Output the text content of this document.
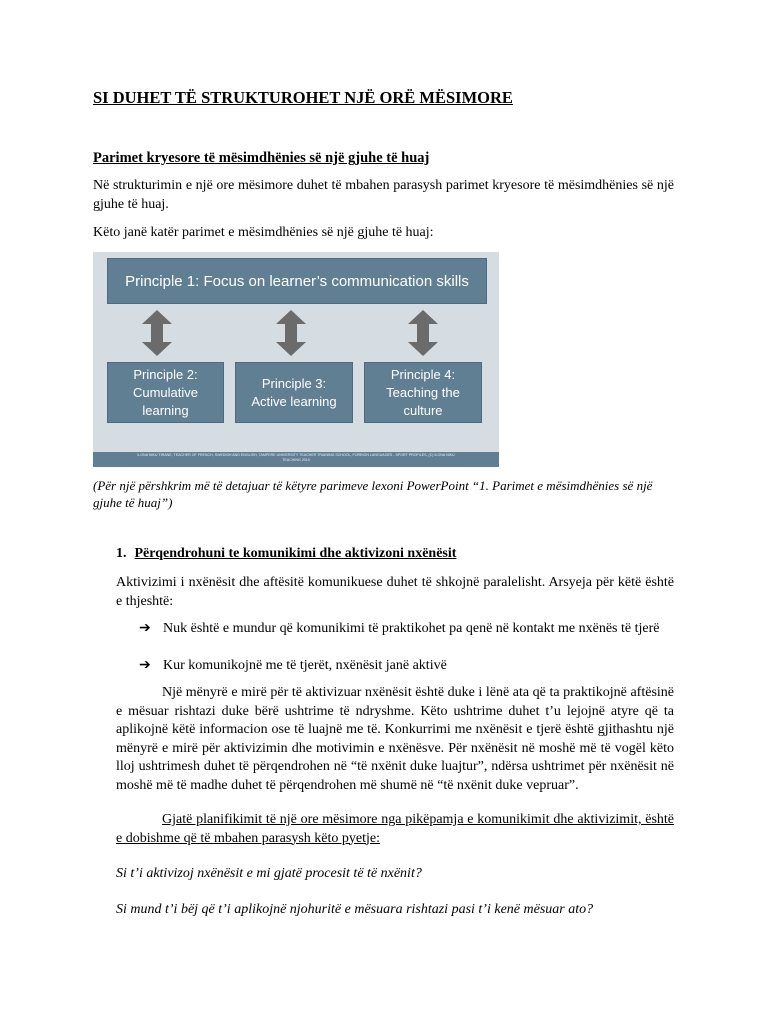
SI DUHET TË STRUKTUROHET NJË ORË MËSIMORE
Parimet kryesore të mësimdhënies së një gjuhe të huaj
Në strukturimin e një ore mësimore duhet të mbahen parasysh parimet kryesore të mësimdhënies së një gjuhe të huaj.
Këto janë katër parimet e mësimdhënies së një gjuhe të huaj:
Principle 1: Focus on learner’s communication skills
Principle 2: Cumulative learning
Principle 3: Active learning
Principle 4: Teaching the culture
ILONA NIKU TIRANE, TEACHER OF FRENCH, SWEDISH AND ENGLISH, TAMPERE UNIVERSITY TEACHER TRAINING SCHOOL, FOREIGN LANGUAGES - SPORT PROFILES, (C) ILONA NIKU TEACHING 2015
(Për një përshkrim më të detajuar të këtyre parimeve lexoni PowerPoint “1. Parimet e mësimdhënies së një gjuhe të huaj”)
1. Përqendrohuni te komunikimi dhe aktivizoni nxënësit
Aktivizimi i nxënësit dhe aftësitë komunikuese duhet të shkojnë paralelisht. Arsyeja për këtë është e thjeshtë:
➔ Nuk është e mundur që komunikimi të praktikohet pa qenë në kontakt me nxënës të tjerë
➔ Kur komunikojnë me të tjerët, nxënësit janë aktivë
Një mënyrë e mirë për të aktivizuar nxënësit është duke i lënë ata që ta praktikojnë aftësinë e mësuar rishtazi duke bërë ushtrime të ndryshme. Këto ushtrime duhet t’u lejojnë atyre që ta aplikojnë këtë informacion ose të luajnë me të. Konkurrimi me nxënësit e tjerë është gjithashtu një mënyrë e mirë për aktivizimin dhe motivimin e nxënësve. Për nxënësit në moshë më të vogël këto lloj ushtrimesh duhet të përqendrohen në “të nxënit duke luajtur”, ndërsa ushtrimet për nxënësit në moshë më të madhe duhet të përqendrohen më shumë në “të nxënit duke vepruar”.
Gjatë planifikimit të një ore mësimore nga pikëpamja e komunikimit dhe aktivizimit, është e dobishme që të mbahen parasysh këto pyetje:
Si t’i aktivizoj nxënësit e mi gjatë procesit të të nxënit?
Si mund t’i bëj që t’i aplikojnë njohuritë e mësuara rishtazi pasi t’i kenë mësuar ato?
